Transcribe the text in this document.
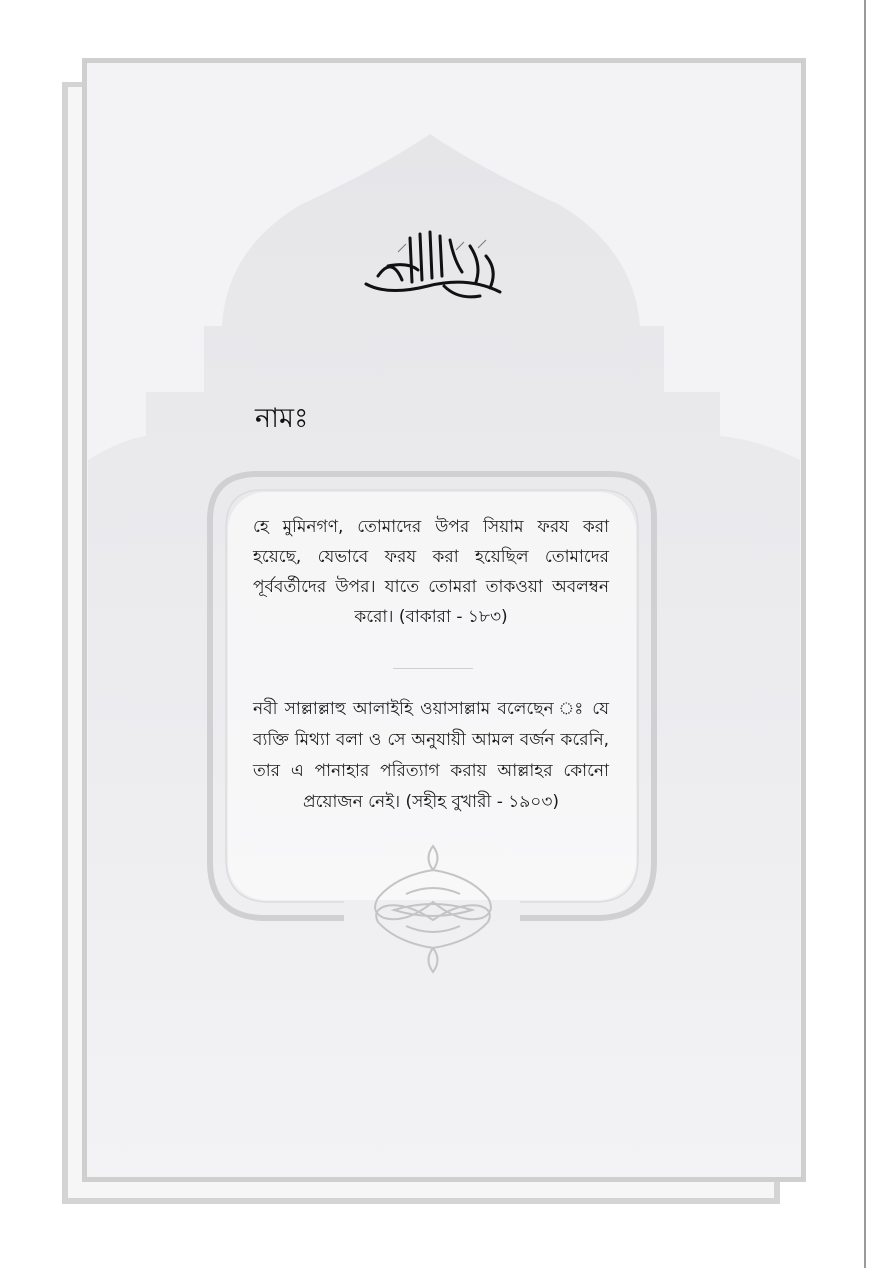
بسم الله الرحمن الرحيم
নামঃ
হে মুমিনগণ, তোমাদের উপর সিয়াম ফরয করা হয়েছে, যেভাবে ফরয করা হয়েছিল তোমাদের পূর্ববর্তীদের উপর। যাতে তোমরা তাকওয়া অবলম্বন করো। (বাকারা - ১৮৩)
নবী সাল্লাল্লাহু আলাইহি ওয়াসাল্লাম বলেছেন ঃ যে ব্যক্তি মিথ্যা বলা ও সে অনুযায়ী আমল বর্জন করেনি, তার এ পানাহার পরিত্যাগ করায় আল্লাহর কোনো প্রয়োজন নেই। (সহীহ বুখারী - ১৯০৩)
